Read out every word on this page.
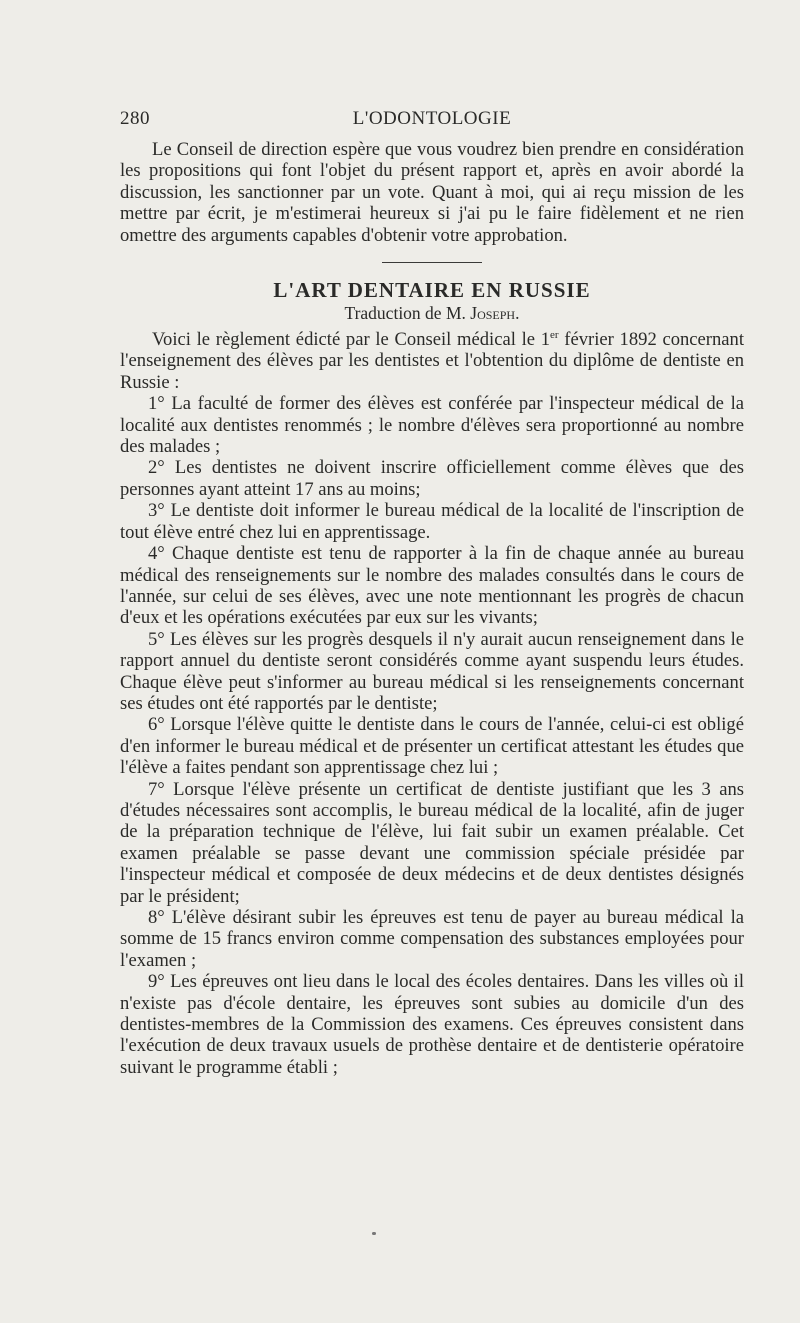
280	L'ODONTOLOGIE

Le Conseil de direction espère que vous voudrez bien prendre en considération les propositions qui font l'objet du présent rapport et, après en avoir abordé la discussion, les sanctionner par un vote. Quant à moi, qui ai reçu mission de les mettre par écrit, je m'estimerai heureux si j'ai pu le faire fidèlement et ne rien omettre des arguments capables d'obtenir votre approbation.

L'ART DENTAIRE EN RUSSIE
Traduction de M. Joseph.

Voici le règlement édicté par le Conseil médical le 1er février 1892 concernant l'enseignement des élèves par les dentistes et l'obtention du diplôme de dentiste en Russie :

1° La faculté de former des élèves est conférée par l'inspecteur médical de la localité aux dentistes renommés ; le nombre d'élèves sera proportionné au nombre des malades ;

2° Les dentistes ne doivent inscrire officiellement comme élèves que des personnes ayant atteint 17 ans au moins;

3° Le dentiste doit informer le bureau médical de la localité de l'inscription de tout élève entré chez lui en apprentissage.

4° Chaque dentiste est tenu de rapporter à la fin de chaque année au bureau médical des renseignements sur le nombre des malades consultés dans le cours de l'année, sur celui de ses élèves, avec une note mentionnant les progrès de chacun d'eux et les opérations exécutées par eux sur les vivants;

5° Les élèves sur les progrès desquels il n'y aurait aucun renseignement dans le rapport annuel du dentiste seront considérés comme ayant suspendu leurs études. Chaque élève peut s'informer au bureau médical si les renseignements concernant ses études ont été rapportés par le dentiste;

6° Lorsque l'élève quitte le dentiste dans le cours de l'année, celui-ci est obligé d'en informer le bureau médical et de présenter un certificat attestant les études que l'élève a faites pendant son apprentissage chez lui ;

7° Lorsque l'élève présente un certificat de dentiste justifiant que les 3 ans d'études nécessaires sont accomplis, le bureau médical de la localité, afin de juger de la préparation technique de l'élève, lui fait subir un examen préalable. Cet examen préalable se passe devant une commission spéciale présidée par l'inspecteur médical et composée de deux médecins et de deux dentistes désignés par le président;

8° L'élève désirant subir les épreuves est tenu de payer au bureau médical la somme de 15 francs environ comme compensation des substances employées pour l'examen ;

9° Les épreuves ont lieu dans le local des écoles dentaires. Dans les villes où il n'existe pas d'école dentaire, les épreuves sont subies au domicile d'un des dentistes-membres de la Commission des examens. Ces épreuves consistent dans l'exécution de deux travaux usuels de prothèse dentaire et de dentisterie opératoire suivant le programme établi ;
